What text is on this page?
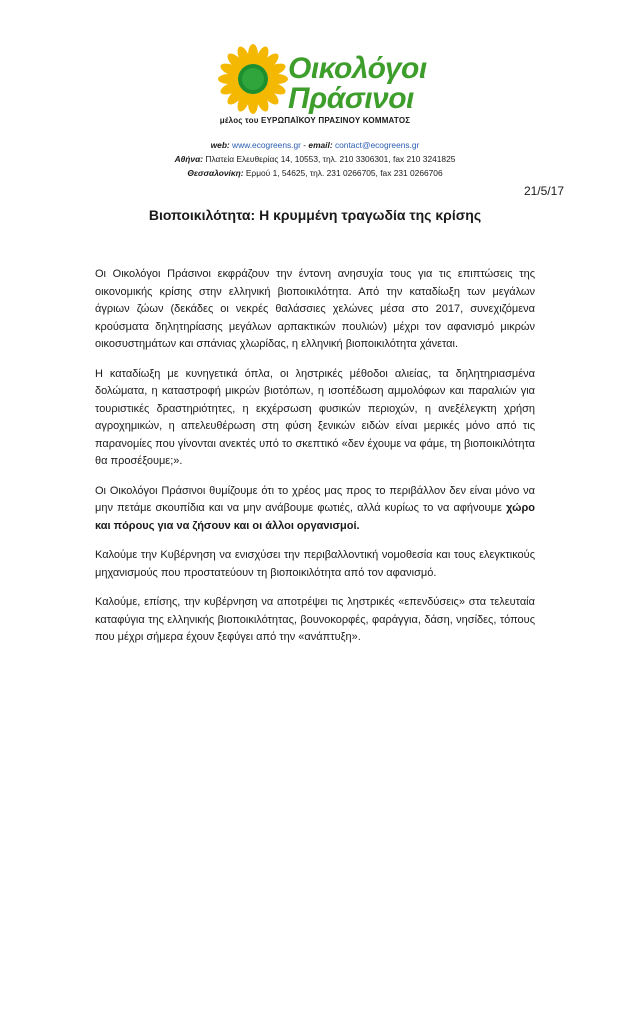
Οικολόγοι
Πράσινοι
μέλος του ΕΥΡΩΠΑΪΚΟΥ ΠΡΑΣΙΝΟΥ ΚΟΜΜΑΤΟΣ
web: www.ecogreens.gr - email: contact@ecogreens.gr
Αθήνα: Πλατεία Ελευθερίας 14, 10553, τηλ. 210 3306301, fax 210 3241825
Θεσσαλονίκη: Ερμού 1, 54625, τηλ. 231 0266705, fax 231 0266706
21/5/17
Βιοποικιλότητα: Η κρυμμένη τραγωδία της κρίσης

Οι Οικολόγοι Πράσινοι εκφράζουν την έντονη ανησυχία τους για τις επιπτώσεις της οικονομικής κρίσης στην ελληνική βιοποικιλότητα. Από την καταδίωξη των μεγάλων άγριων ζώων (δεκάδες οι νεκρές θαλάσσιες χελώνες μέσα στο 2017, συνεχιζόμενα κρούσματα δηλητηρίασης μεγάλων αρπακτικών πουλιών) μέχρι τον αφανισμό μικρών οικοσυστημάτων και σπάνιας χλωρίδας, η ελληνική βιοποικιλότητα χάνεται.

Η καταδίωξη με κυνηγετικά όπλα, οι ληστρικές μέθοδοι αλιείας, τα δηλητηριασμένα δολώματα, η καταστροφή μικρών βιοτόπων, η ισοπέδωση αμμολόφων και παραλιών για τουριστικές δραστηριότητες, η εκχέρσωση φυσικών περιοχών, η ανεξέλεγκτη χρήση αγροχημικών, η απελευθέρωση στη φύση ξενικών ειδών είναι μερικές μόνο από τις παρανομίες που γίνονται ανεκτές υπό το σκεπτικό «δεν έχουμε να φάμε, τη βιοποικιλότητα θα προσέξουμε;».

Οι Οικολόγοι Πράσινοι θυμίζουμε ότι το χρέος μας προς το περιβάλλον δεν είναι μόνο να μην πετάμε σκουπίδια και να μην ανάβουμε φωτιές, αλλά κυρίως το να αφήνουμε χώρο και πόρους για να ζήσουν και οι άλλοι οργανισμοί.

Καλούμε την Κυβέρνηση να ενισχύσει την περιβαλλοντική νομοθεσία και τους ελεγκτικούς μηχανισμούς που προστατεύουν τη βιοποικιλότητα από τον αφανισμό.

Καλούμε, επίσης, την κυβέρνηση να αποτρέψει τις ληστρικές «επενδύσεις» στα τελευταία καταφύγια της ελληνικής βιοποικιλότητας, βουνοκορφές, φαράγγια, δάση, νησίδες, τόπους που μέχρι σήμερα έχουν ξεφύγει από την «ανάπτυξη».
